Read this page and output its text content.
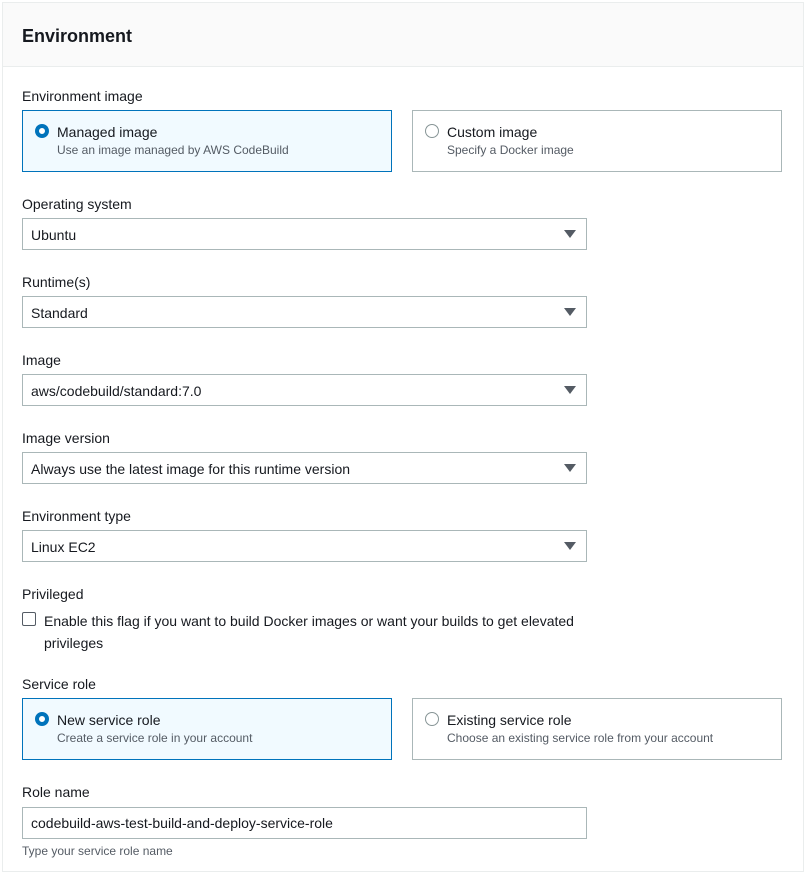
Environment
Environment image
Managed image
Use an image managed by AWS CodeBuild
Custom image
Specify a Docker image
Operating system
Ubuntu
Runtime(s)
Standard
Image
aws/codebuild/standard:7.0
Image version
Always use the latest image for this runtime version
Environment type
Linux EC2
Privileged
Enable this flag if you want to build Docker images or want your builds to get elevated privileges
Service role
New service role
Create a service role in your account
Existing service role
Choose an existing service role from your account
Role name
codebuild-aws-test-build-and-deploy-service-role
Type your service role name
